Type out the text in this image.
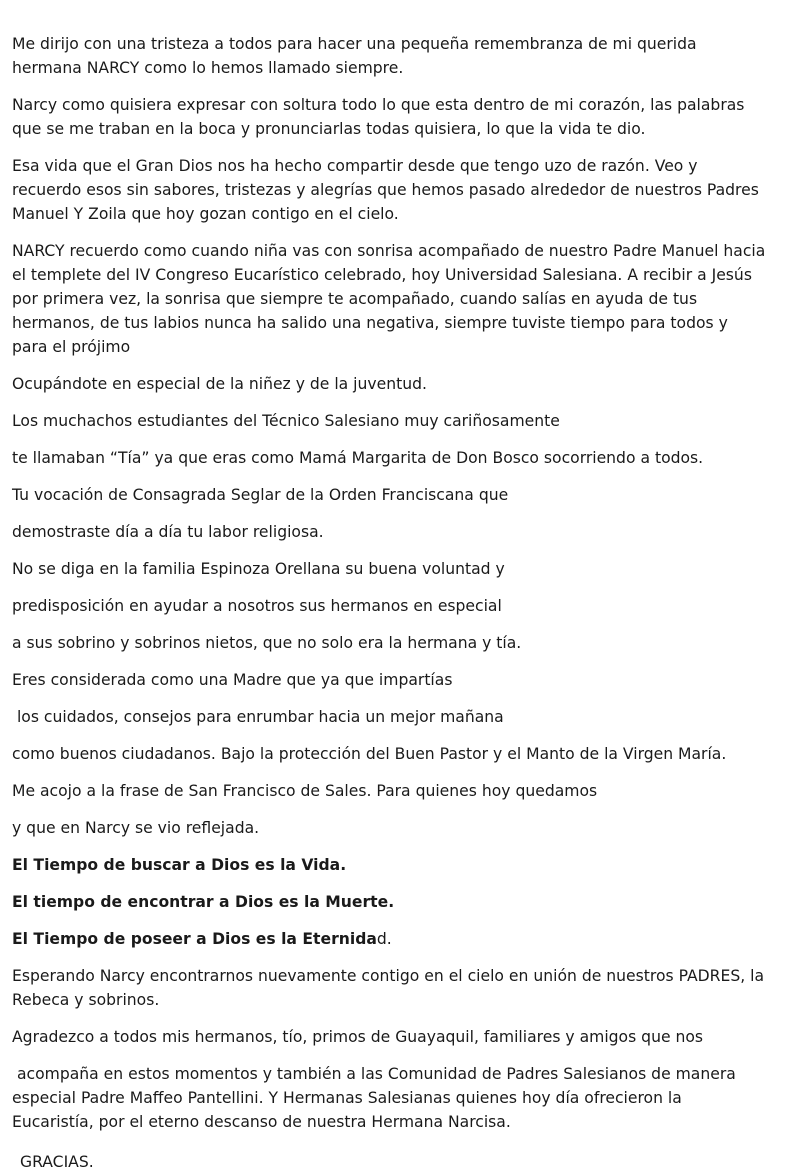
Me dirijo con una tristeza a todos para hacer una pequeña remembranza de mi querida hermana NARCY como lo hemos llamado siempre.

Narcy como quisiera expresar con soltura todo lo que esta dentro de mi corazón, las palabras que se me traban en la boca y pronunciarlas todas quisiera, lo que la vida te dio.

Esa vida que el Gran Dios nos ha hecho compartir desde que tengo uzo de razón. Veo y recuerdo esos sin sabores, tristezas y alegrías que hemos pasado alrededor de nuestros Padres Manuel Y Zoila que hoy gozan contigo en el cielo.

NARCY recuerdo como cuando niña vas con sonrisa acompañado de nuestro Padre Manuel hacia el templete del IV Congreso Eucarístico celebrado, hoy Universidad Salesiana. A recibir a Jesús por primera vez, la sonrisa que siempre te acompañado, cuando salías en ayuda de tus hermanos, de tus labios nunca ha salido una negativa, siempre tuviste tiempo para todos y para el prójimo

Ocupándote en especial de la niñez y de la juventud.

Los muchachos estudiantes del Técnico Salesiano muy cariñosamente

te llamaban “Tía” ya que eras como Mamá Margarita de Don Bosco socorriendo a todos.

Tu vocación de Consagrada Seglar de la Orden Franciscana que

demostraste día a día tu labor religiosa.

No se diga en la familia Espinoza Orellana su buena voluntad y

predisposición en ayudar a nosotros sus hermanos en especial

a sus sobrino y sobrinos nietos, que no solo era la hermana y tía.

Eres considerada como una Madre que ya que impartías

los cuidados, consejos para enrumbar hacia un mejor mañana

como buenos ciudadanos. Bajo la protección del Buen Pastor y el Manto de la Virgen María.

Me acojo a la frase de San Francisco de Sales. Para quienes hoy quedamos

y que en Narcy se vio reflejada.

El Tiempo de buscar a Dios es la Vida.

El tiempo de encontrar a Dios es la Muerte.

El Tiempo de poseer a Dios es la Eternidad.

Esperando Narcy encontrarnos nuevamente contigo en el cielo en unión de nuestros PADRES, la Rebeca y sobrinos.

Agradezco a todos mis hermanos, tío, primos de Guayaquil, familiares y amigos que nos

acompaña en estos momentos y también a las Comunidad de Padres Salesianos de manera especial Padre Maffeo Pantellini. Y Hermanas Salesianas quienes hoy día ofrecieron la Eucaristía, por el eterno descanso de nuestra Hermana Narcisa.

GRACIAS.
